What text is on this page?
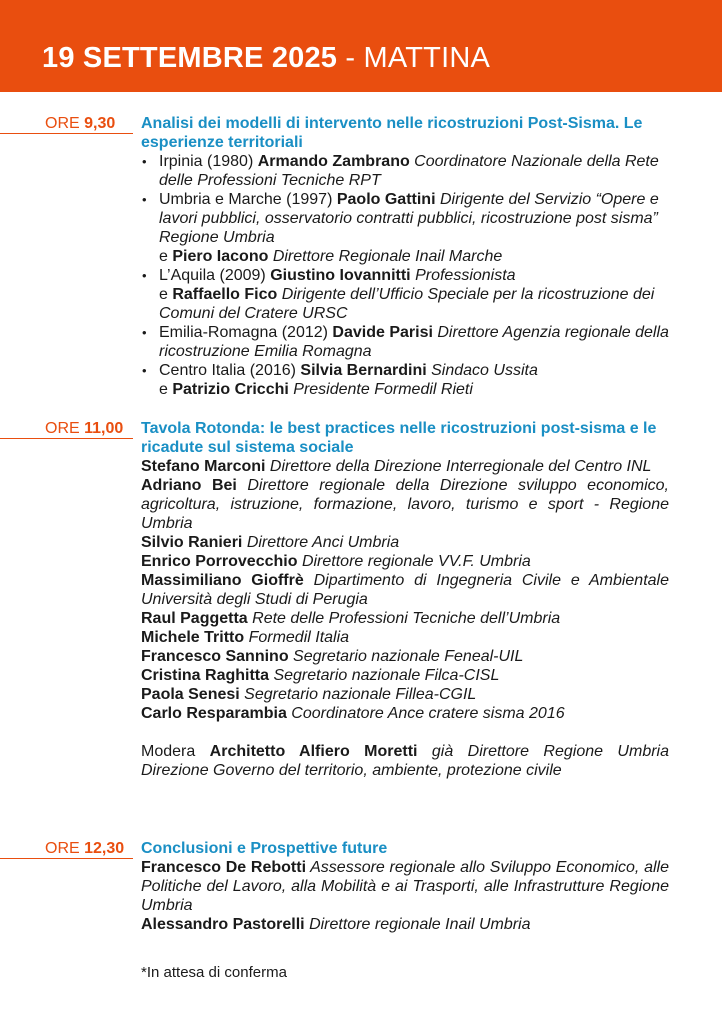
19 SETTEMBRE 2025 - MATTINA
ORE 9,30 Analisi dei modelli di intervento nelle ricostruzioni Post-Sisma. Le esperienze territoriali

• Irpinia (1980) Armando Zambrano Coordinatore Nazionale della Rete delle Professioni Tecniche RPT
• Umbria e Marche (1997) Paolo Gattini Dirigente del Servizio “Opere e lavori pubblici, osservatorio contratti pubblici, ricostruzione post sisma” Regione Umbria
e Piero Iacono Direttore Regionale Inail Marche
• L’Aquila (2009) Giustino Iovannitti Professionista
e Raffaello Fico Dirigente dell’Ufficio Speciale per la ricostruzione dei Comuni del Cratere URSC
• Emilia-Romagna (2012) Davide Parisi Direttore Agenzia regionale della ricostruzione Emilia Romagna
• Centro Italia (2016) Silvia Bernardini Sindaco Ussita
e Patrizio Cricchi Presidente Formedil Rieti
ORE 11,00 Tavola Rotonda: le best practices nelle ricostruzioni post-sisma e le ricadute sul sistema sociale

Stefano Marconi Direttore della Direzione Interregionale del Centro INL

Adriano Bei Direttore regionale della Direzione sviluppo economico, agricoltura, istruzione, formazione, lavoro, turismo e sport - Regione Umbria

Silvio Ranieri Direttore Anci Umbria

Enrico Porrovecchio Direttore regionale VV.F. Umbria

Massimiliano Gioffrè Dipartimento di Ingegneria Civile e Ambientale Università degli Studi di Perugia

Raul Paggetta Rete delle Professioni Tecniche dell’Umbria

Michele Tritto Formedil Italia

Francesco Sannino Segretario nazionale Feneal-UIL

Cristina Raghitta Segretario nazionale Filca-CISL

Paola Senesi Segretario nazionale Fillea-CGIL

Carlo Resparambia Coordinatore Ance cratere sisma 2016

Modera Architetto Alfiero Moretti già Direttore Regione Umbria Direzione Governo del territorio, ambiente, protezione civile

ORE 12,30 Conclusioni e Prospettive future

Francesco De Rebotti Assessore regionale allo Sviluppo Economico, alle Politiche del Lavoro, alla Mobilità e ai Trasporti, alle Infrastrutture Regione Umbria

Alessandro Pastorelli Direttore regionale Inail Umbria

*In attesa di conferma
